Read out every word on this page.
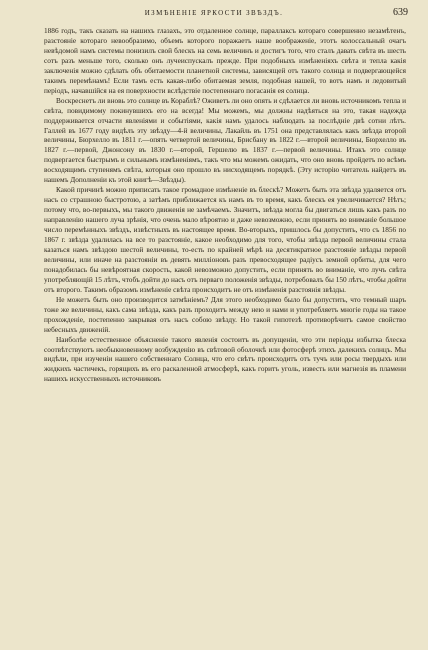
ИЗМѢНЕНІЕ ЯРКОСТИ ЗВѢЗДЪ.	639

1886 годъ, такъ сказать на нашихъ глазахъ, это отдаленное солнце, параллаксъ котораго совершенно незамѣтенъ, разстояніе котораго невообразимо, объемъ которого поражаетъ наше воображеніе, этотъ колоссальный очагъ невѣдомой намъ системы понизилъ свой блескъ на семь величинъ и достигъ того, что сталъ давать свѣта въ шесть сотъ разъ меньше того, сколько онъ лучеиспускалъ прежде. При подобныхъ измѣненіяхъ свѣта и тепла какія заключенія можно сдѣлать объ обитаемости планетной системы, зависящей отъ такого солнца и подвергающейся такимъ перемѣнамъ! Если тамъ есть какая-либо обитаемая земля, подобная нашей, то вотъ намъ и ледовитый періодъ, начавшійся на ея поверхности вслѣдствіе постепеннаго погасанія ея солнца.

Воскреснетъ ли вновь это солнце въ Кораблѣ? Оживетъ ли оно опять и сдѣлается ли вновь источникомъ тепла и свѣта, повидимому покинувшихъ его на всегда! Мы можемъ, мы должны надѣяться на это, такая надежда поддерживается отчасти явленіями и событіями, какія намъ удалось наблюдать за послѣдніе двѣ сотни лѣтъ. Галлей въ 1677 году видѣлъ эту звѣзду—4-й величины, Лакайль въ 1751 она представлялась какъ звѣзда второй величины, Бюрхелло въ 1811 г.—опять четвертой величины, Брисбану въ 1822 г.—второй величины, Бюрхелло въ 1827 г.—первой, Джонсону въ 1830 г.—второй, Гершелю въ 1837 г.—первой величины. Итакъ это солнце подвергается быстрымъ и сильнымъ измѣненіямъ, такъ что мы можемъ ожидать, что оно вновь пройдетъ по всѣмъ восходящимъ ступенямъ свѣта, которыя оно прошло въ нисходящемъ порядкѣ. (Эту исторію читатель найдетъ въ нашемъ Дополненіи къ этой книгѣ—Звѣзды).

Какой причинѣ можно приписать такое громадное измѣненіе въ блескѣ? Можетъ быть эта звѣзда удаляется отъ насъ со страшною быстротою, а затѣмъ приближается къ намъ въ то время, какъ блескъ ея увеличивается? Нѣтъ; потому что, во-первыхъ, мы такого движенія не замѣчаемъ. Значитъ, звѣзда могла бы двигаться лишь какъ разъ по направленію нашего луча зрѣнія, что очень мало вѣроятно и даже невозможно, если принять во вниманіе большое число перемѣнныхъ звѣздъ, извѣстныхъ въ настоящее время. Во-вторыхъ, пришлось бы допустить, что съ 1856 по 1867 г. звѣзда удалилась на все то разстояніе, какое необходимо для того, чтобы звѣзда первой величины стала казаться намъ звѣздою шестой величины, то-есть по крайней мѣрѣ на десятикратное разстояніе звѣзды первой величины, или иначе на разстояніи въ девять милліоновъ разъ превосходящее радіусъ земной орбиты, для чего понадобилась бы невѣроятная скорость, какой невозможно допустить, если принять во вниманіе, что лучъ свѣта употребляющій 15 лѣтъ, чтобъ дойти до насъ отъ перваго положенія звѣзды, потребовалъ бы 150 лѣтъ, чтобы дойти отъ второго. Такимъ образомъ измѣненіе свѣта происходитъ не отъ измѣненія разстоянія звѣзды.

Не можетъ быть оно производится затмѣніемъ? Для этого необходимо было бы допустить, что темный шаръ тоже же величины, какъ сама звѣзда, какъ разъ проходитъ между нею и нами и употребляетъ многіе годы на такое прохожденіе, постепенно закрывая отъ насъ собою звѣзду. Но такой гипотезѣ противорѣчитъ самое свойство небесныхъ движеній.

Наиболѣе естественное объясненіе такого явленія состоитъ въ допущеніи, что эти періоды избытка блеска соотвѣтствуютъ необыкновенному возбужденію въ свѣтовой оболочкѣ или фотосферѣ этихъ далекихъ солнцъ. Мы видѣли, при изученіи нашего собственнаго Солнца, что его свѣтъ происходитъ отъ тучъ или росы твердыхъ или жидкихъ частичекъ, горящихъ въ его раскаленной атмосферѣ, какъ горитъ уголь, известь или магнезія въ пламени нашихъ искусственныхъ источниковъ
